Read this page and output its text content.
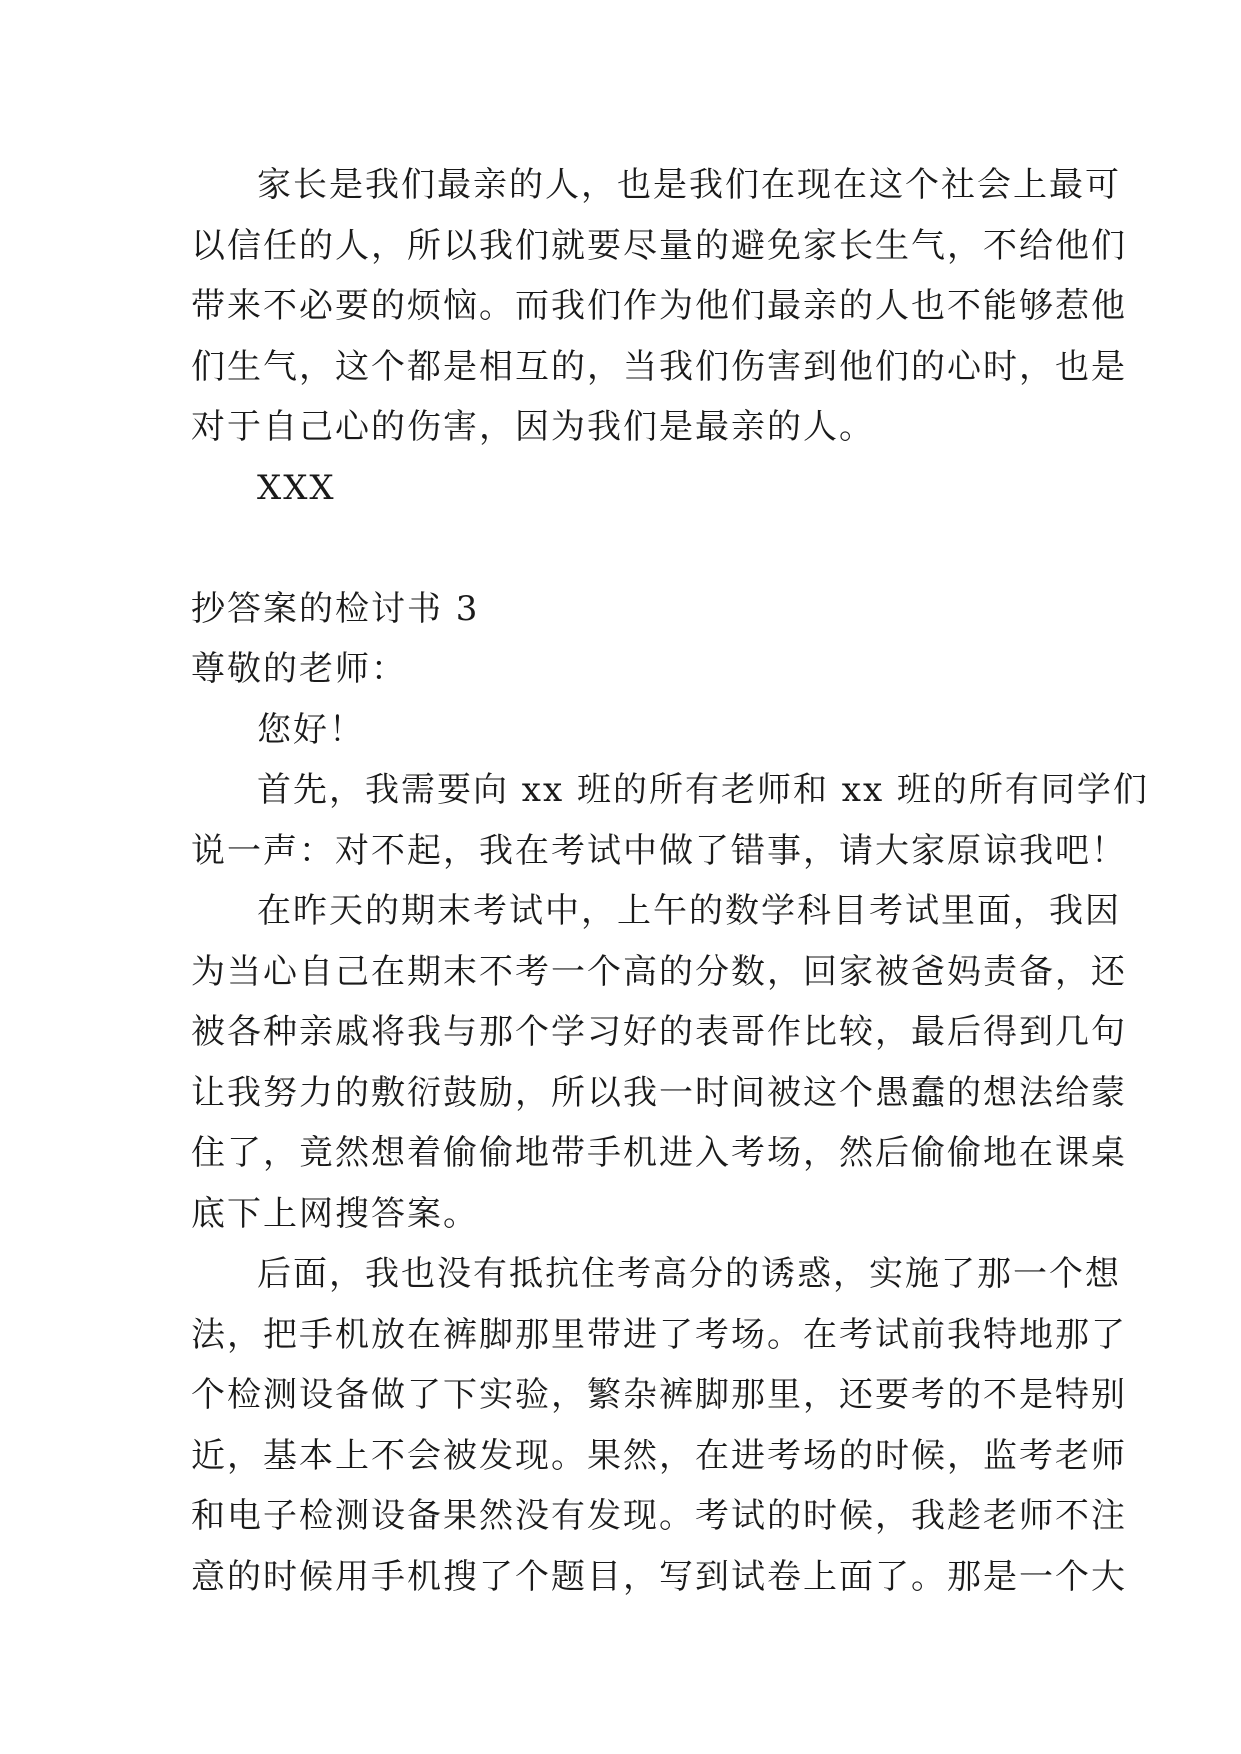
家长是我们最亲的人，也是我们在现在这个社会上最可
以信任的人，所以我们就要尽量的避免家长生气，不给他们
带来不必要的烦恼。而我们作为他们最亲的人也不能够惹他
们生气，这个都是相互的，当我们伤害到他们的心时，也是
对于自己心的伤害，因为我们是最亲的人。
XXX
抄答案的检讨书 3
尊敬的老师：
您好！
首先，我需要向 xx 班的所有老师和 xx 班的所有同学们
说一声：对不起，我在考试中做了错事，请大家原谅我吧！
在昨天的期末考试中，上午的数学科目考试里面，我因
为当心自己在期末不考一个高的分数，回家被爸妈责备，还
被各种亲戚将我与那个学习好的表哥作比较，最后得到几句
让我努力的敷衍鼓励，所以我一时间被这个愚蠢的想法给蒙
住了，竟然想着偷偷地带手机进入考场，然后偷偷地在课桌
底下上网搜答案。
后面，我也没有抵抗住考高分的诱惑，实施了那一个想
法，把手机放在裤脚那里带进了考场。在考试前我特地那了
个检测设备做了下实验，繁杂裤脚那里，还要考的不是特别
近，基本上不会被发现。果然，在进考场的时候，监考老师
和电子检测设备果然没有发现。考试的时候，我趁老师不注
意的时候用手机搜了个题目，写到试卷上面了。那是一个大
